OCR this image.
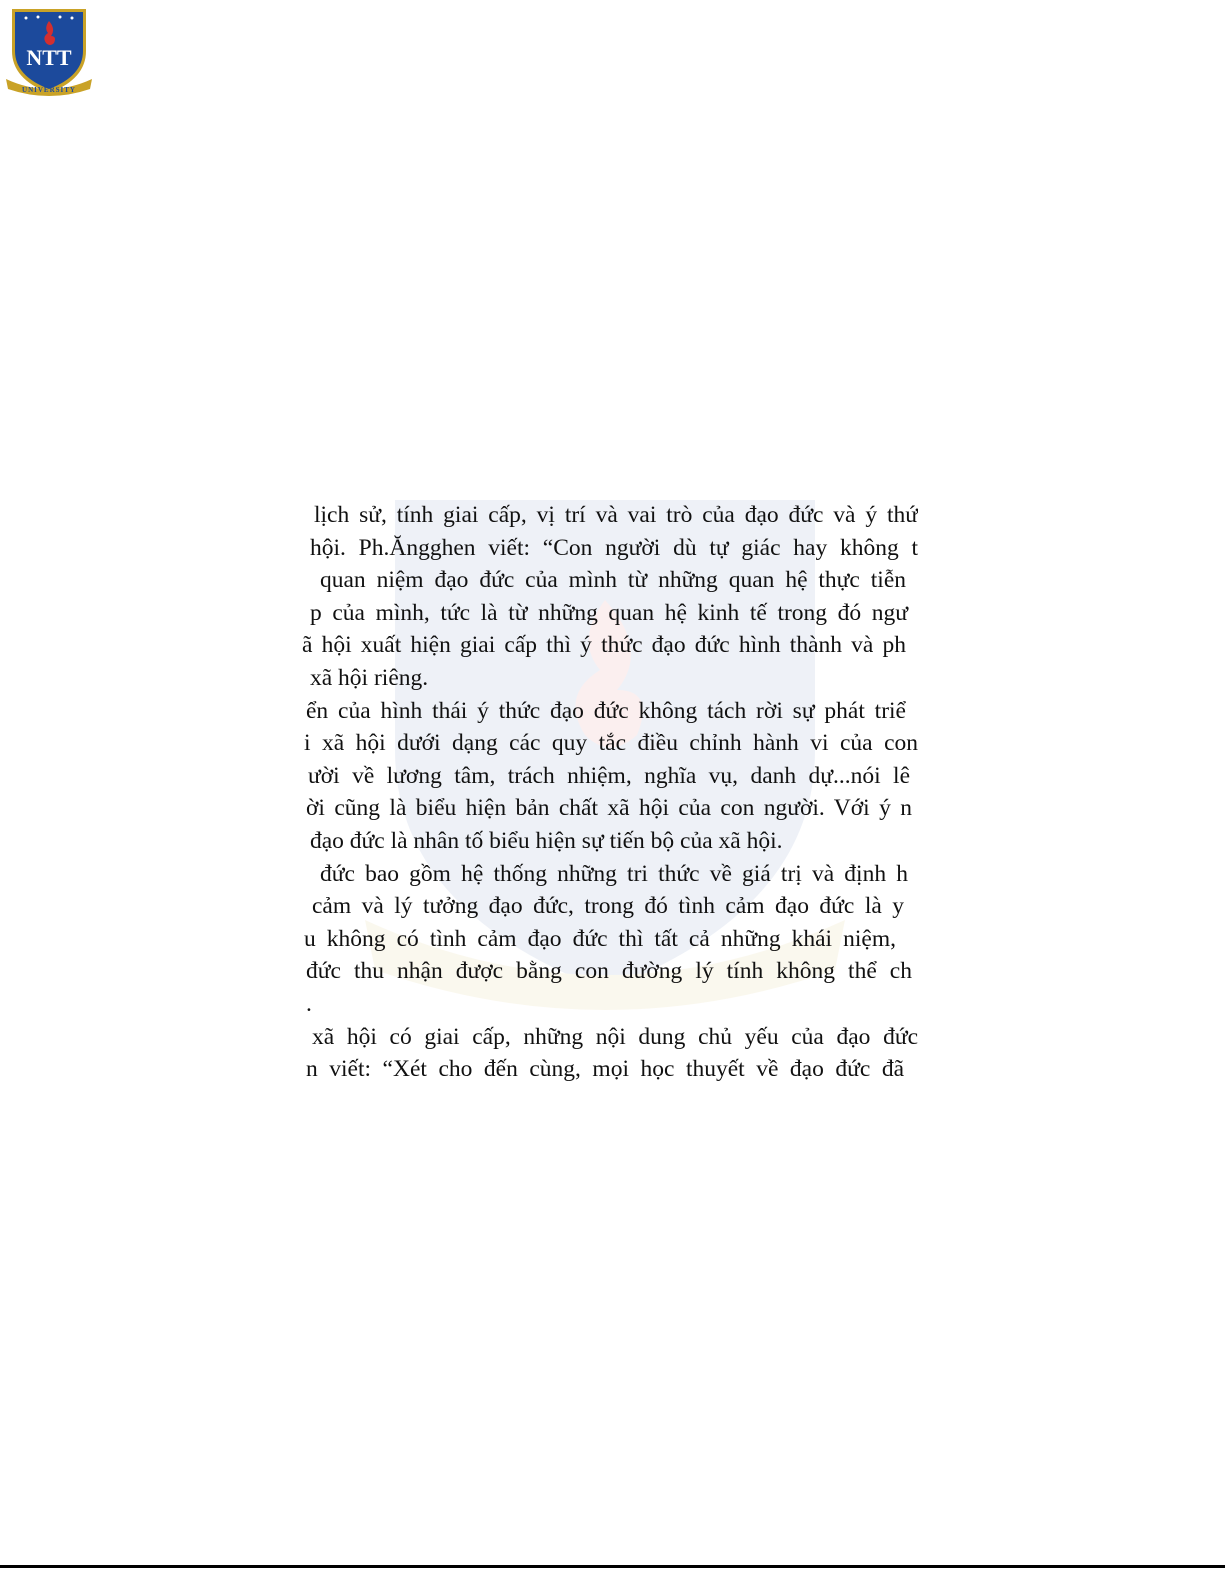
NTT
UNIVERSITY
lịch sử, tính giai cấp, vị trí và vai trò của đạo đức và ý thứ
hội. Ph.Ăngghen viết: “Con người dù tự giác hay không t
quan niệm đạo đức của mình từ những quan hệ thực tiễn
p của mình, tức là từ những quan hệ kinh tế trong đó ngư
ã hội xuất hiện giai cấp thì ý thức đạo đức hình thành và ph
xã hội riêng.
ển của hình thái ý thức đạo đức không tách rời sự phát triể
i xã hội dưới dạng các quy tắc điều chỉnh hành vi của con
ười về lương tâm, trách nhiệm, nghĩa vụ, danh dự...nói lê
ời cũng là biểu hiện bản chất xã hội của con người. Với ý n
đạo đức là nhân tố biểu hiện sự tiến bộ của xã hội.
đức bao gồm hệ thống những tri thức về giá trị và định h
cảm và lý tưởng đạo đức, trong đó tình cảm đạo đức là y
u không có tình cảm đạo đức thì tất cả những khái niệm,
đức thu nhận được bằng con đường lý tính không thể ch
.
xã hội có giai cấp, những nội dung chủ yếu của đạo đức
n viết: “Xét cho đến cùng, mọi học thuyết về đạo đức đã
